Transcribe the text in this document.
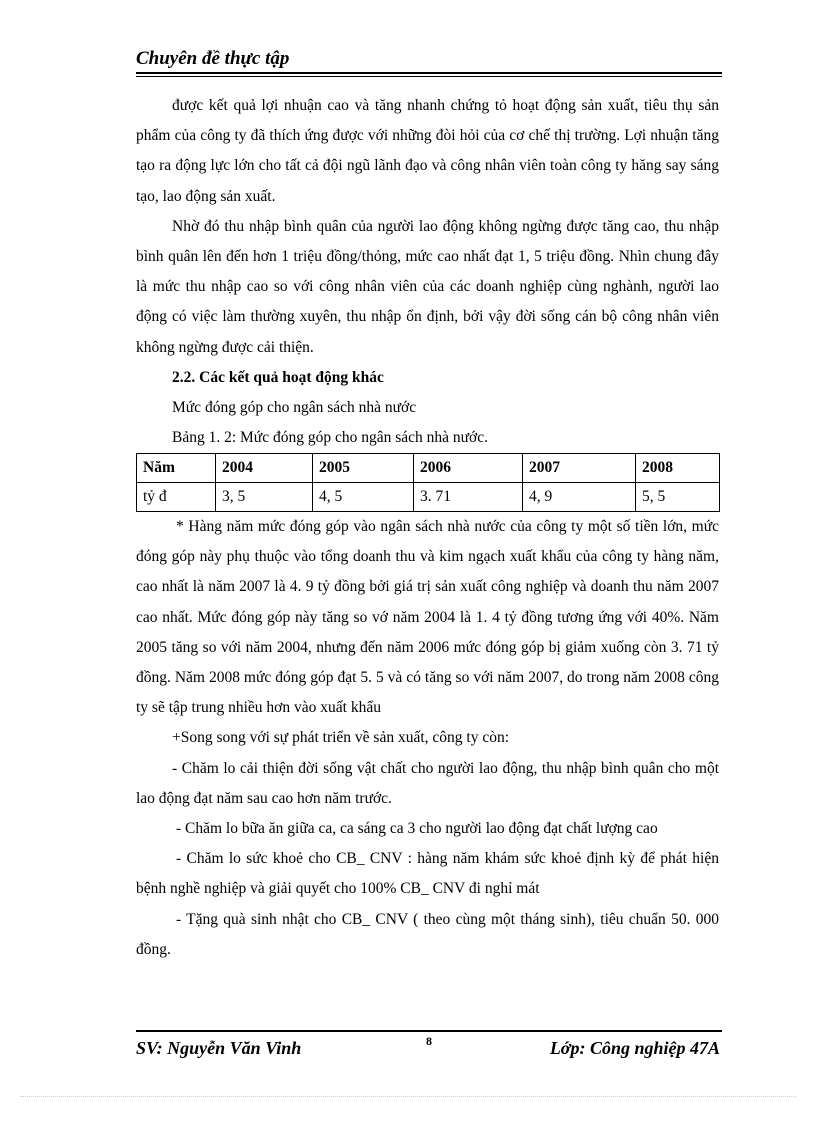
Chuyên đề thực tập

được kết quả lợi nhuận cao và tăng nhanh chứng tỏ hoạt động sản xuất, tiêu thụ sản phẩm của công ty đã thích ứng được với những đòi hỏi của cơ chế thị trường. Lợi nhuận tăng tạo ra động lực lớn cho tất cả đội ngũ lãnh đạo và công nhân viên toàn công ty hăng say sáng tạo, lao động sản xuất.

Nhờ đó thu nhập bình quân của người lao động không ngừng được tăng cao, thu nhập bình quân lên đến hơn 1 triệu đồng/thỏng, mức cao nhất đạt 1, 5 triệu đồng. Nhìn chung đây là mức thu nhập cao so với công nhân viên của các doanh nghiệp cùng nghành, người lao động có việc làm thường xuyên, thu nhập ổn định, bởi vậy đời sống cán bộ công nhân viên không ngừng được cải thiện.

2.2. Các kết quả hoạt động khác

Mức đóng góp cho ngân sách nhà nước

Bảng 1. 2: Mức đóng góp cho ngân sách nhà nước.

Năm	2004	2005	2006	2007	2008
tỷ đ	3, 5	4, 5	3. 71	4, 9	5, 5

* Hàng năm mức đóng góp vào ngân sách nhà nước của công ty một số tiền lớn, mức đóng góp này phụ thuộc vào tổng doanh thu và kim ngạch xuất khẩu của công ty hàng năm, cao nhất là năm 2007 là 4. 9 tỷ đồng bởi giá trị sản xuất công nghiệp và doanh thu năm 2007 cao nhất. Mức đóng góp này tăng so vớ năm 2004 là 1. 4 tỷ đồng tương ứng với 40%. Năm 2005 tăng so với năm 2004, nhưng đến năm 2006 mức đóng góp bị giảm xuống còn 3. 71 tỷ đồng. Năm 2008 mức đóng góp đạt 5. 5 và có tăng so với năm 2007, do trong năm 2008 công ty sẽ tập trung nhiều hơn vào xuất khẩu

+Song song với sự phát triển về sản xuất, công ty còn:

- Chăm lo cải thiện đời sống vật chất cho người lao động, thu nhập bình quân cho một lao động đạt năm sau cao hơn năm trước.

- Chăm lo bữa ăn giữa ca, ca sáng ca 3 cho người lao động đạt chất lượng cao

- Chăm lo sức khoẻ cho CB_ CNV : hàng năm khám sức khoẻ định kỳ để phát hiện bệnh nghề nghiệp và giải quyết cho 100% CB_ CNV đi nghỉ mát

- Tặng quà sinh nhật cho CB_ CNV ( theo cùng một tháng sinh), tiêu chuẩn 50. 000 đồng.

SV: Nguyễn Văn Vinh	8	Lớp: Công nghiệp 47A
